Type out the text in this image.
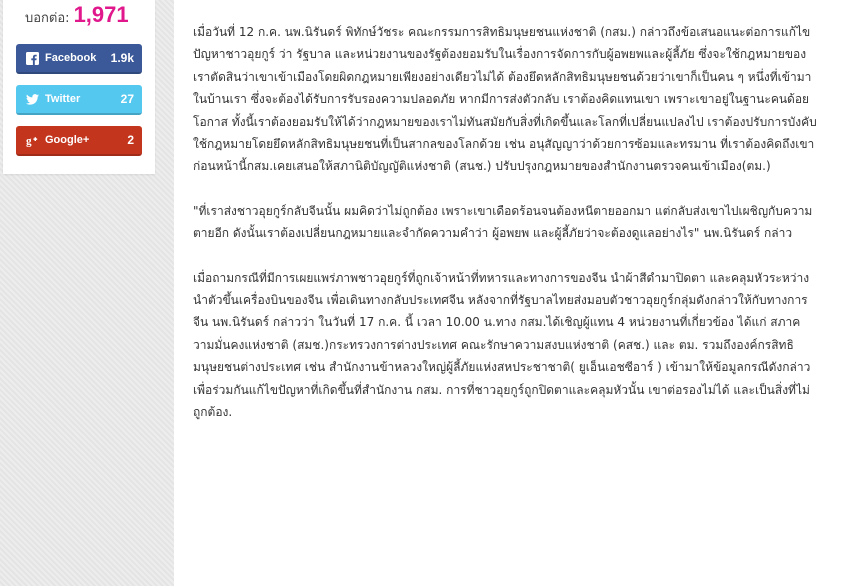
บอกต่อ: 1,971
Facebook	1.9k
Twitter	27
g Google+	2

เมื่อวันที่ 12 ก.ค. นพ.นิรันดร์ พิทักษ์วัชระ คณะกรรมการสิทธิมนุษยชนแห่งชาติ (กสม.) กล่าวถึงข้อเสนอแนะต่อการแก้ไขปัญหาชาวอุยกูร์ ว่า รัฐบาล และหน่วยงานของรัฐต้องยอมรับในเรื่องการจัดการกับผู้อพยพและผู้ลี้ภัย ซึ่งจะใช้กฎหมายของเราตัดสินว่าเขาเข้าเมืองโดยผิดกฎหมายเพียงอย่างเดียวไม่ได้ ต้องยึดหลักสิทธิมนุษยชนด้วยว่าเขาก็เป็นคน ๆ หนึ่งที่เข้ามาในบ้านเรา ซึ่งจะต้องได้รับการรับรองความปลอดภัย หากมีการส่งตัวกลับ เราต้องคิดแทนเขา เพราะเขาอยู่ในฐานะคนด้อยโอกาส ทั้งนี้เราต้องยอมรับให้ได้ว่ากฎหมายของเราไม่ทันสมัยกับสิ่งที่เกิดขึ้นและโลกที่เปลี่ยนแปลงไป เราต้องปรับการบังคับใช้กฎหมายโดยยึดหลักสิทธิมนุษยชนที่เป็นสากลของโลกด้วย เช่น อนุสัญญาว่าด้วยการซ้อมและทรมาน ที่เราต้องคิดถึงเขาก่อนหน้านี้กสม.เคยเสนอให้สภานิติบัญญัติแห่งชาติ (สนช.) ปรับปรุงกฎหมายของสำนักงานตรวจคนเข้าเมือง(ตม.)

"ที่เราส่งชาวอุยกูร์กลับจีนนั้น ผมคิดว่าไม่ถูกต้อง เพราะเขาเดือดร้อนจนต้องหนีตายออกมา แต่กลับส่งเขาไปเผชิญกับความตายอีก ดังนั้นเราต้องเปลี่ยนกฎหมายและจำกัดความคำว่า ผู้อพยพ และผู้ลี้ภัยว่าจะต้องดูแลอย่างไร" นพ.นิรันดร์ กล่าว

เมื่อถามกรณีที่มีการเผยแพร่ภาพชาวอุยกูร์ที่ถูกเจ้าหน้าที่ทหารและทางการของจีน นำผ้าสีดำมาปิดตา และคลุมหัวระหว่างนำตัวขึ้นเครื่องบินของจีน เพื่อเดินทางกลับประเทศจีน หลังจากที่รัฐบาลไทยส่งมอบตัวชาวอุยกูร์กลุ่มดังกล่าวให้กับทางการจีน นพ.นิรันดร์ กล่าวว่า ในวันที่ 17 ก.ค. นี้ เวลา 10.00 น.ทาง กสม.ได้เชิญผู้แทน 4 หน่วยงานที่เกี่ยวข้อง ได้แก่ สภาความมั่นคงแห่งชาติ (สมช.)กระทรวงการต่างประเทศ คณะรักษาความสงบแห่งชาติ (คสช.) และ ตม. รวมถึงองค์กรสิทธิมนุษยชนต่างประเทศ เช่น สำนักงานข้าหลวงใหญ่ผู้ลี้ภัยแห่งสหประชาชาติ( ยูเอ็นเอชซีอาร์ ) เข้ามาให้ข้อมูลกรณีดังกล่าวเพื่อร่วมกันแก้ไขปัญหาที่เกิดขึ้นที่สำนักงาน กสม. การที่ชาวอุยกูร์ถูกปิดตาและคลุมหัวนั้น เขาต่อรองไม่ได้ และเป็นสิ่งที่ไม่ถูกต้อง.
